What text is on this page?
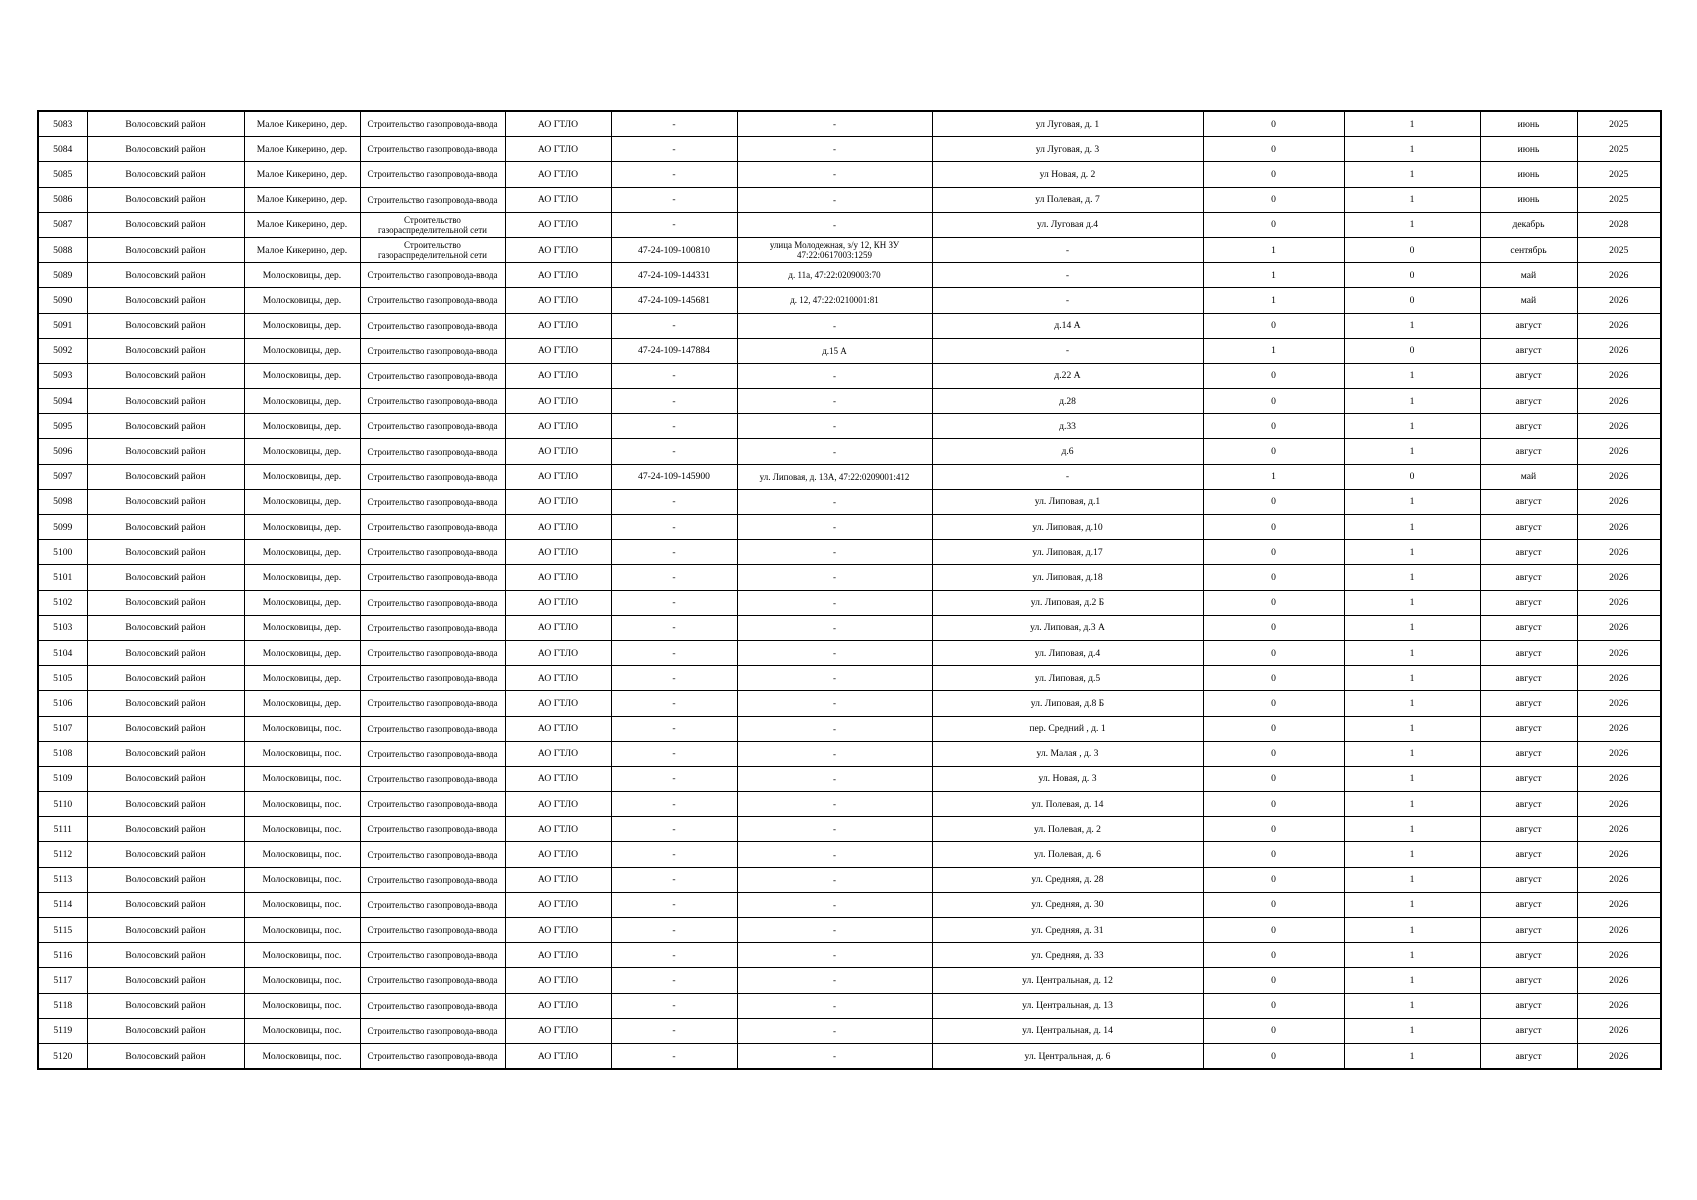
5083	Волосовский район	Малое Кикерино, дер.	Строительство газопровода-ввода	АО ГТЛО	-	-	ул Луговая, д. 1	0	1	июнь	2025
5084	Волосовский район	Малое Кикерино, дер.	Строительство газопровода-ввода	АО ГТЛО	-	-	ул Луговая, д. 3	0	1	июнь	2025
5085	Волосовский район	Малое Кикерино, дер.	Строительство газопровода-ввода	АО ГТЛО	-	-	ул Новая, д. 2	0	1	июнь	2025
5086	Волосовский район	Малое Кикерино, дер.	Строительство газопровода-ввода	АО ГТЛО	-	-	ул Полевая, д. 7	0	1	июнь	2025
5087	Волосовский район	Малое Кикерино, дер.	Строительство газораспределительной сети	АО ГТЛО	-	-	ул. Луговая д.4	0	1	декабрь	2028
5088	Волосовский район	Малое Кикерино, дер.	Строительство газораспределительной сети	АО ГТЛО	47-24-109-100810	улица Молодежная, з/у 12, КН ЗУ 47:22:0617003:1259	-	1	0	сентябрь	2025
5089	Волосовский район	Молосковицы, дер.	Строительство газопровода-ввода	АО ГТЛО	47-24-109-144331	д. 11а, 47:22:0209003:70	-	1	0	май	2026
5090	Волосовский район	Молосковицы, дер.	Строительство газопровода-ввода	АО ГТЛО	47-24-109-145681	д. 12, 47:22:0210001:81	-	1	0	май	2026
5091	Волосовский район	Молосковицы, дер.	Строительство газопровода-ввода	АО ГТЛО	-	-	д.14 А	0	1	август	2026
5092	Волосовский район	Молосковицы, дер.	Строительство газопровода-ввода	АО ГТЛО	47-24-109-147884	д.15 А	-	1	0	август	2026
5093	Волосовский район	Молосковицы, дер.	Строительство газопровода-ввода	АО ГТЛО	-	-	д.22 А	0	1	август	2026
5094	Волосовский район	Молосковицы, дер.	Строительство газопровода-ввода	АО ГТЛО	-	-	д.28	0	1	август	2026
5095	Волосовский район	Молосковицы, дер.	Строительство газопровода-ввода	АО ГТЛО	-	-	д.33	0	1	август	2026
5096	Волосовский район	Молосковицы, дер.	Строительство газопровода-ввода	АО ГТЛО	-	-	д.6	0	1	август	2026
5097	Волосовский район	Молосковицы, дер.	Строительство газопровода-ввода	АО ГТЛО	47-24-109-145900	ул. Липовая, д. 13А, 47:22:0209001:412	-	1	0	май	2026
5098	Волосовский район	Молосковицы, дер.	Строительство газопровода-ввода	АО ГТЛО	-	-	ул. Липовая, д.1	0	1	август	2026
5099	Волосовский район	Молосковицы, дер.	Строительство газопровода-ввода	АО ГТЛО	-	-	ул. Липовая, д.10	0	1	август	2026
5100	Волосовский район	Молосковицы, дер.	Строительство газопровода-ввода	АО ГТЛО	-	-	ул. Липовая, д.17	0	1	август	2026
5101	Волосовский район	Молосковицы, дер.	Строительство газопровода-ввода	АО ГТЛО	-	-	ул. Липовая, д.18	0	1	август	2026
5102	Волосовский район	Молосковицы, дер.	Строительство газопровода-ввода	АО ГТЛО	-	-	ул. Липовая, д.2 Б	0	1	август	2026
5103	Волосовский район	Молосковицы, дер.	Строительство газопровода-ввода	АО ГТЛО	-	-	ул. Липовая, д.3 А	0	1	август	2026
5104	Волосовский район	Молосковицы, дер.	Строительство газопровода-ввода	АО ГТЛО	-	-	ул. Липовая, д.4	0	1	август	2026
5105	Волосовский район	Молосковицы, дер.	Строительство газопровода-ввода	АО ГТЛО	-	-	ул. Липовая, д.5	0	1	август	2026
5106	Волосовский район	Молосковицы, дер.	Строительство газопровода-ввода	АО ГТЛО	-	-	ул. Липовая, д.8 Б	0	1	август	2026
5107	Волосовский район	Молосковицы, пос.	Строительство газопровода-ввода	АО ГТЛО	-	-	пер. Средний , д. 1	0	1	август	2026
5108	Волосовский район	Молосковицы, пос.	Строительство газопровода-ввода	АО ГТЛО	-	-	ул. Малая , д. 3	0	1	август	2026
5109	Волосовский район	Молосковицы, пос.	Строительство газопровода-ввода	АО ГТЛО	-	-	ул. Новая, д. 3	0	1	август	2026
5110	Волосовский район	Молосковицы, пос.	Строительство газопровода-ввода	АО ГТЛО	-	-	ул. Полевая, д. 14	0	1	август	2026
5111	Волосовский район	Молосковицы, пос.	Строительство газопровода-ввода	АО ГТЛО	-	-	ул. Полевая, д. 2	0	1	август	2026
5112	Волосовский район	Молосковицы, пос.	Строительство газопровода-ввода	АО ГТЛО	-	-	ул. Полевая, д. 6	0	1	август	2026
5113	Волосовский район	Молосковицы, пос.	Строительство газопровода-ввода	АО ГТЛО	-	-	ул. Средняя, д. 28	0	1	август	2026
5114	Волосовский район	Молосковицы, пос.	Строительство газопровода-ввода	АО ГТЛО	-	-	ул. Средняя, д. 30	0	1	август	2026
5115	Волосовский район	Молосковицы, пос.	Строительство газопровода-ввода	АО ГТЛО	-	-	ул. Средняя, д. 31	0	1	август	2026
5116	Волосовский район	Молосковицы, пос.	Строительство газопровода-ввода	АО ГТЛО	-	-	ул. Средняя, д. 33	0	1	август	2026
5117	Волосовский район	Молосковицы, пос.	Строительство газопровода-ввода	АО ГТЛО	-	-	ул. Центральная, д. 12	0	1	август	2026
5118	Волосовский район	Молосковицы, пос.	Строительство газопровода-ввода	АО ГТЛО	-	-	ул. Центральная, д. 13	0	1	август	2026
5119	Волосовский район	Молосковицы, пос.	Строительство газопровода-ввода	АО ГТЛО	-	-	ул. Центральная, д. 14	0	1	август	2026
5120	Волосовский район	Молосковицы, пос.	Строительство газопровода-ввода	АО ГТЛО	-	-	ул. Центральная, д. 6	0	1	август	2026
